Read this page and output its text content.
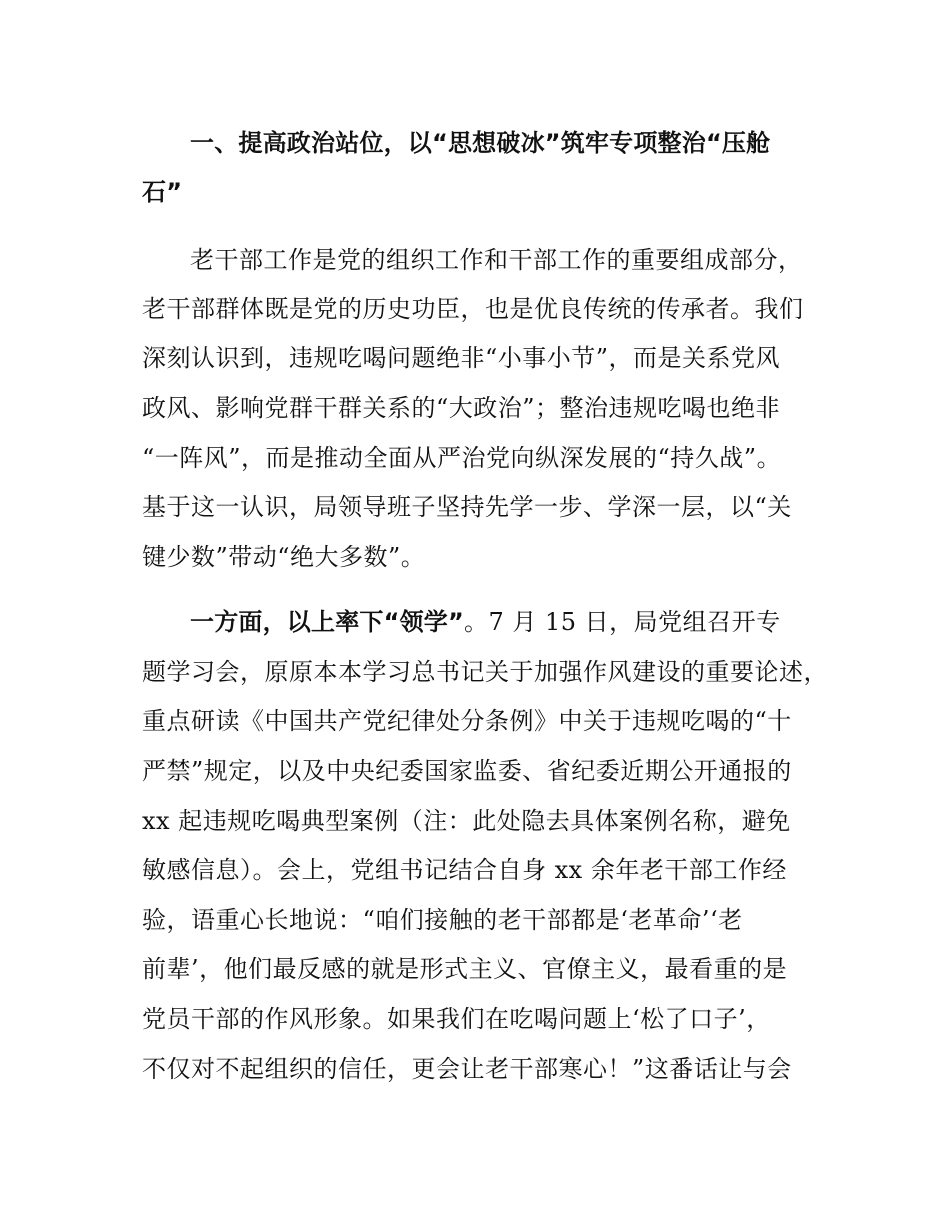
一、提高政治站位，以“思想破冰”筑牢专项整治“压舱
石”
老干部工作是党的组织工作和干部工作的重要组成部分，
老干部群体既是党的历史功臣，也是优良传统的传承者。我们
深刻认识到，违规吃喝问题绝非“小事小节”，而是关系党风
政风、影响党群干群关系的“大政治”；整治违规吃喝也绝非
“一阵风”，而是推动全面从严治党向纵深发展的“持久战”。
基于这一认识，局领导班子坚持先学一步、学深一层，以“关
键少数”带动“绝大多数”。
一方面，以上率下“领学”。7 月 15 日，局党组召开专
题学习会，原原本本学习总书记关于加强作风建设的重要论述，
重点研读《中国共产党纪律处分条例》中关于违规吃喝的“十
严禁”规定，以及中央纪委国家监委、省纪委近期公开通报的
xx 起违规吃喝典型案例（注：此处隐去具体案例名称，避免
敏感信息）。会上，党组书记结合自身 xx 余年老干部工作经
验，语重心长地说：“咱们接触的老干部都是‘老革命’‘老
前辈’，他们最反感的就是形式主义、官僚主义，最看重的是
党员干部的作风形象。如果我们在吃喝问题上‘松了口子’，
不仅对不起组织的信任，更会让老干部寒心！”这番话让与会
